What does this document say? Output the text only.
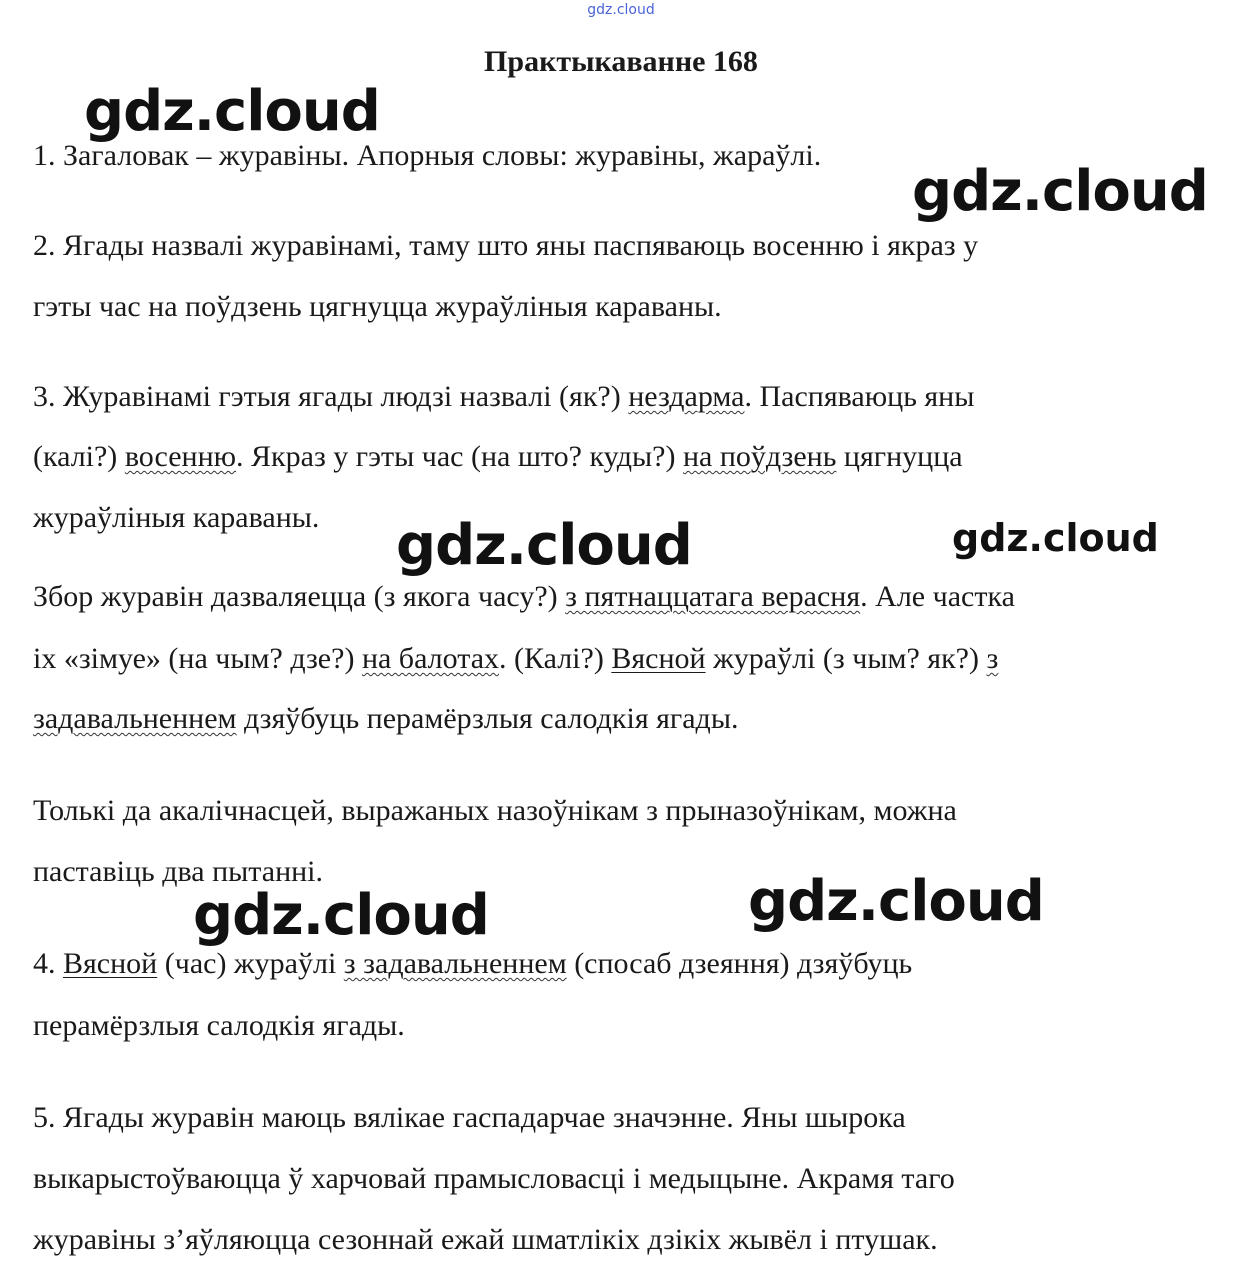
gdz.cloud
Практыкаванне 168
1. Загаловак – журавіны. Апорныя словы: журавіны, жараўлі.
2. Ягады назвалі журавінамі, таму што яны паспяваюць восенню і якраз у
гэты час на поўдзень цягнуцца жураўліныя караваны.
3. Журавінамі гэтыя ягады людзі назвалі (як?) нездарма. Паспяваюць яны
(калі?) восенню. Якраз у гэты час (на што? куды?) на поўдзень цягнуцца
жураўліныя караваны.
Збор журавін дазваляецца (з якога часу?) з пятнаццатага верасня. Але частка
іх «зімуе» (на чым? дзе?) на балотах. (Калі?) Вясной жураўлі (з чым? як?) з
задавальненнем дзяўбуць перамёрзлыя салодкія ягады.
Толькі да акалічнасцей, выражаных назоўнікам з прыназоўнікам, можна
паставіць два пытанні.
4. Вясной (час) жураўлі з задавальненнем (спосаб дзеяння) дзяўбуць
перамёрзлыя салодкія ягады.
5. Ягады журавін маюць вялікае гаспадарчае значэнне. Яны шырока
выкарыстоўваюцца ў харчовай прамысловасці і медыцыне. Акрамя таго
журавіны з’яўляюцца сезоннай ежай шматлікіх дзікіх жывёл і птушак.
gdz.cloud
gdz.cloud
gdz.cloud	gdz.cloud
gdz.cloud	gdz.cloud
